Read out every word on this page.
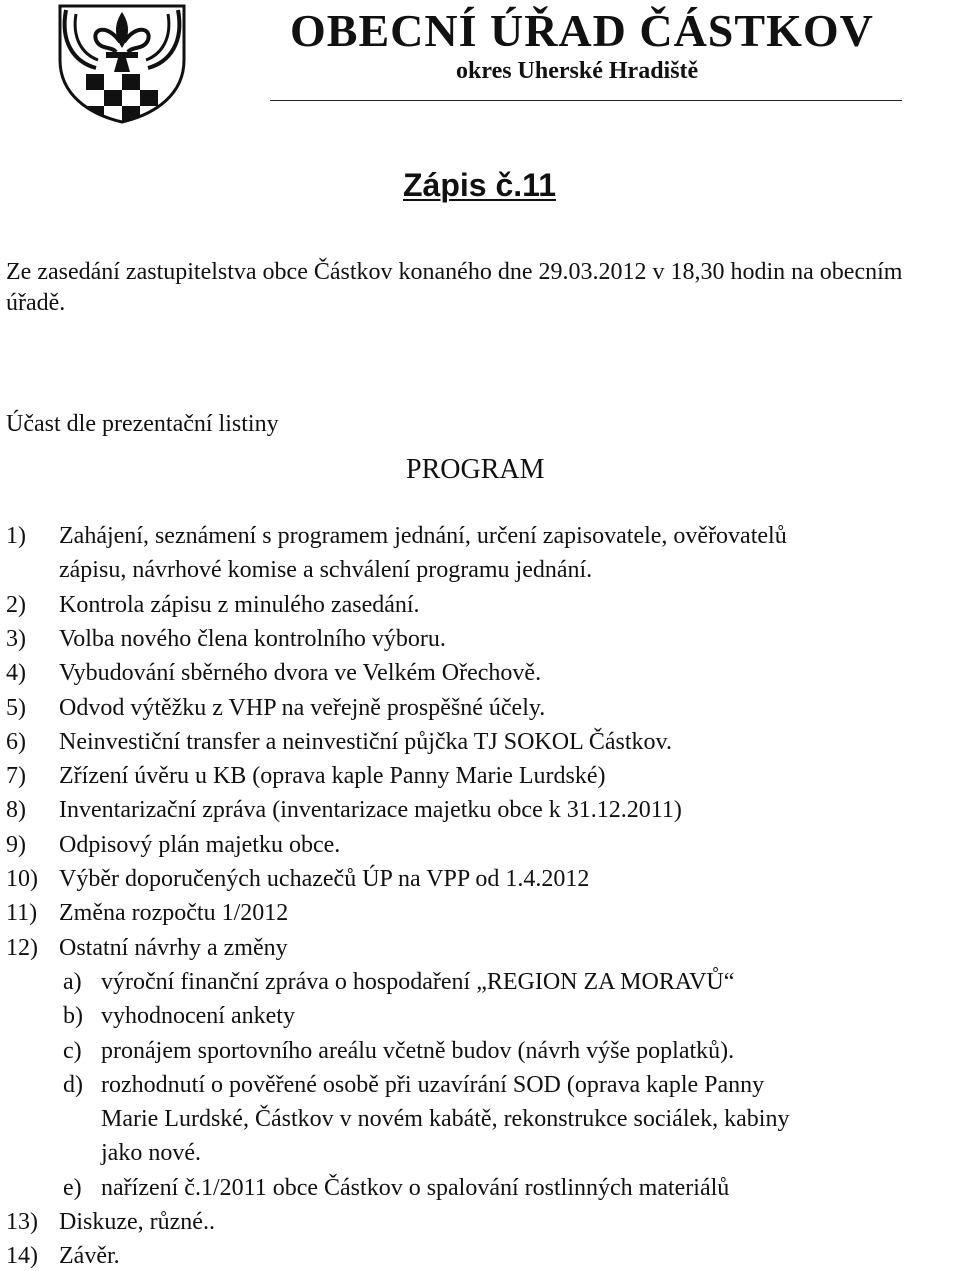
OBECNÍ ÚŘAD ČÁSTKOV
okres Uherské Hradiště
Zápis č.11
Ze zasedání zastupitelstva obce Částkov konaného dne 29.03.2012 v 18,30 hodin na obecním úřadě.
Účast dle prezentační listiny
PROGRAM
1) Zahájení, seznámení s programem jednání, určení zapisovatele, ověřovatelů
zápisu, návrhové komise a schválení programu jednání.
2) Kontrola zápisu z minulého zasedání.
3) Volba nového člena kontrolního výboru.
4) Vybudování sběrného dvora ve Velkém Ořechově.
5) Odvod výtěžku z VHP na veřejně prospěšné účely.
6) Neinvestiční transfer a neinvestiční půjčka TJ SOKOL Částkov.
7) Zřízení úvěru u KB (oprava kaple Panny Marie Lurdské)
8) Inventarizační zpráva (inventarizace majetku obce k 31.12.2011)
9) Odpisový plán majetku obce.
10) Výběr doporučených uchazečů ÚP na VPP od 1.4.2012
11) Změna rozpočtu 1/2012
12) Ostatní návrhy a změny
a) výroční finanční zpráva o hospodaření „REGION ZA MORAVŮ“
b) vyhodnocení ankety
c) pronájem sportovního areálu včetně budov (návrh výše poplatků).
d) rozhodnutí o pověřené osobě při uzavírání SOD (oprava kaple Panny
Marie Lurdské, Částkov v novém kabátě, rekonstrukce sociálek, kabiny
jako nové.
e) nařízení č.1/2011 obce Částkov o spalování rostlinných materiálů
13) Diskuze, různé..
14) Závěr.
